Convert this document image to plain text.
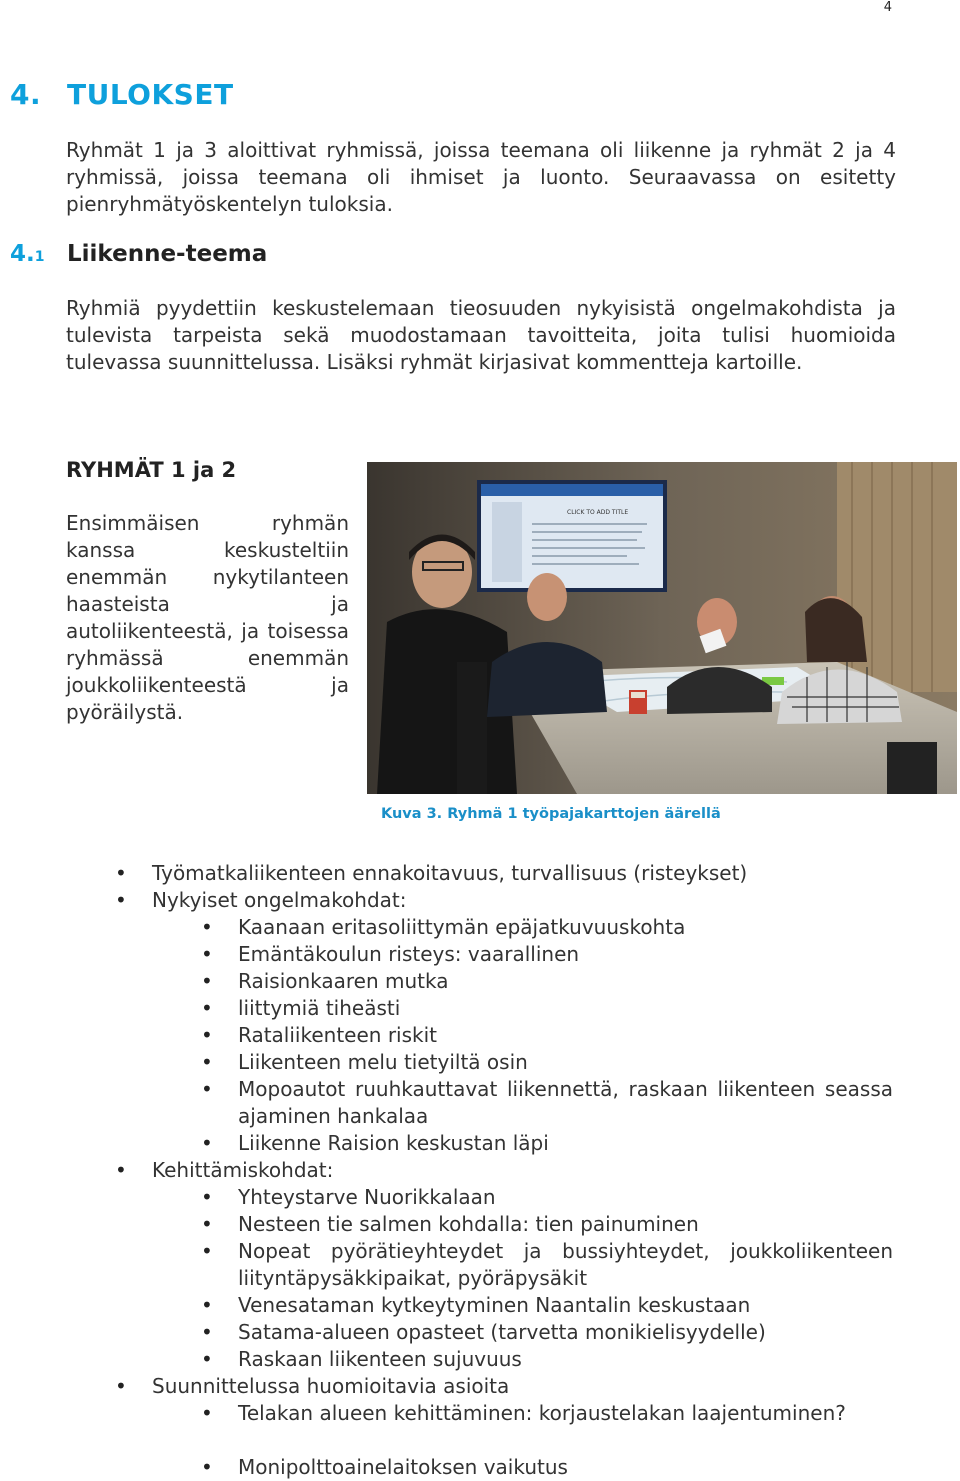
4
4. TULOKSET
Ryhmät 1 ja 3 aloittivat ryhmissä, joissa teemana oli liikenne ja ryhmät 2 ja 4 ryhmissä, joissa teemana oli ihmiset ja luonto. Seuraavassa on esitetty pienryhmätyöskentelyn tuloksia.
4.1 Liikenne-teema
Ryhmiä pyydettiin keskustelemaan tieosuuden nykyisistä ongelmakohdista ja tulevista tarpeista sekä muodostamaan tavoitteita, joita tulisi huomioida tulevassa suunnittelussa. Lisäksi ryhmät kirjasivat kommentteja kartoille.
RYHMÄT 1 ja 2
Ensimmäisen ryhmän kanssa keskusteltiin enemmän nykytilanteen haasteista ja autoliikenteestä, ja toisessa ryhmässä enemmän joukkoliikenteestä ja pyöräilystä.
CLICK TO ADD TITLE
Kuva 3. Ryhmä 1 työpajakarttojen äärellä
• Työmatkaliikenteen ennakoitavuus, turvallisuus (risteykset)
• Nykyiset ongelmakohdat:
• Kaanaan eritasoliittymän epäjatkuvuuskohta
• Emäntäkoulun risteys: vaarallinen
• Raisionkaaren mutka
• liittymiä tiheästi
• Rataliikenteen riskit
• Liikenteen melu tietyiltä osin
• Mopoautot ruuhkauttavat liikennettä, raskaan liikenteen seassa ajaminen hankalaa
• Liikenne Raision keskustan läpi
• Kehittämiskohdat:
• Yhteystarve Nuorikkalaan
• Nesteen tie salmen kohdalla: tien painuminen
• Nopeat pyörätieyhteydet ja bussiyhteydet, joukkoliikenteen liityntäpysäkkipaikat, pyöräpysäkit
• Venesataman kytkeytyminen Naantalin keskustaan
• Satama-alueen opasteet (tarvetta monikielisyydelle)
• Raskaan liikenteen sujuvuus
• Suunnittelussa huomioitavia asioita
• Telakan alueen kehittäminen: korjaustelakan laajentuminen?
• Monipolttoainelaitoksen vaikutus
